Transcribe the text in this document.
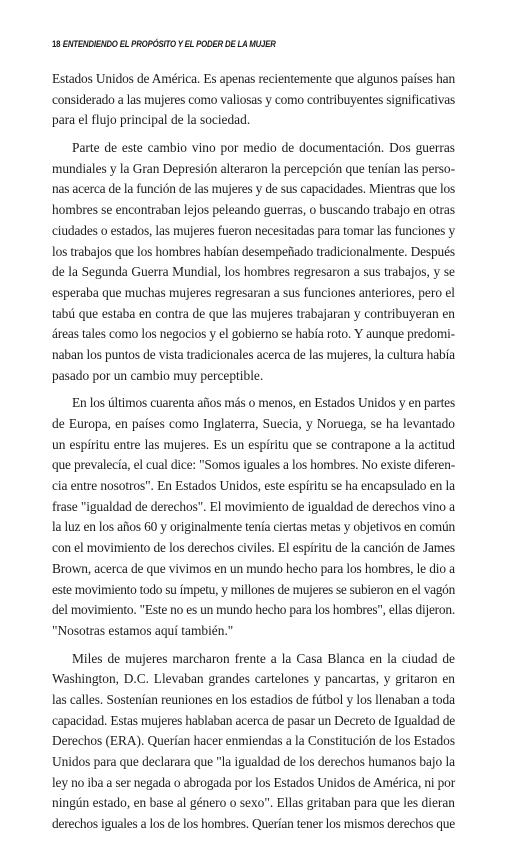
18 ENTENDIENDO EL PROPÓSITO Y EL PODER DE LA MUJER
Estados Unidos de América. Es apenas recientemente que algunos países han
considerado a las mujeres como valiosas y como contribuyentes significativas
para el flujo principal de la sociedad.
Parte de este cambio vino por medio de documentación. Dos guerras
mundiales y la Gran Depresión alteraron la percepción que tenían las perso-
nas acerca de la función de las mujeres y de sus capacidades. Mientras que los
hombres se encontraban lejos peleando guerras, o buscando trabajo en otras
ciudades o estados, las mujeres fueron necesitadas para tomar las funciones y
los trabajos que los hombres habían desempeñado tradicionalmente. Después
de la Segunda Guerra Mundial, los hombres regresaron a sus trabajos, y se
esperaba que muchas mujeres regresaran a sus funciones anteriores, pero el
tabú que estaba en contra de que las mujeres trabajaran y contribuyeran en
áreas tales como los negocios y el gobierno se había roto. Y aunque predomi-
naban los puntos de vista tradicionales acerca de las mujeres, la cultura había
pasado por un cambio muy perceptible.
En los últimos cuarenta años más o menos, en Estados Unidos y en partes
de Europa, en países como Inglaterra, Suecia, y Noruega, se ha levantado
un espíritu entre las mujeres. Es un espíritu que se contrapone a la actitud
que prevalecía, el cual dice: "Somos iguales a los hombres. No existe diferen-
cia entre nosotros". En Estados Unidos, este espíritu se ha encapsulado en la
frase "igualdad de derechos". El movimiento de igualdad de derechos vino a
la luz en los años 60 y originalmente tenía ciertas metas y objetivos en común
con el movimiento de los derechos civiles. El espíritu de la canción de James
Brown, acerca de que vivimos en un mundo hecho para los hombres, le dio a
este movimiento todo su ímpetu, y millones de mujeres se subieron en el vagón
del movimiento. "Este no es un mundo hecho para los hombres", ellas dijeron.
"Nosotras estamos aquí también."
Miles de mujeres marcharon frente a la Casa Blanca en la ciudad de
Washington, D.C. Llevaban grandes cartelones y pancartas, y gritaron en
las calles. Sostenían reuniones en los estadios de fútbol y los llenaban a toda
capacidad. Estas mujeres hablaban acerca de pasar un Decreto de Igualdad de
Derechos (ERA). Querían hacer enmiendas a la Constitución de los Estados
Unidos para que declarara que "la igualdad de los derechos humanos bajo la
ley no iba a ser negada o abrogada por los Estados Unidos de América, ni por
ningún estado, en base al género o sexo". Ellas gritaban para que les dieran
derechos iguales a los de los hombres. Querían tener los mismos derechos que
